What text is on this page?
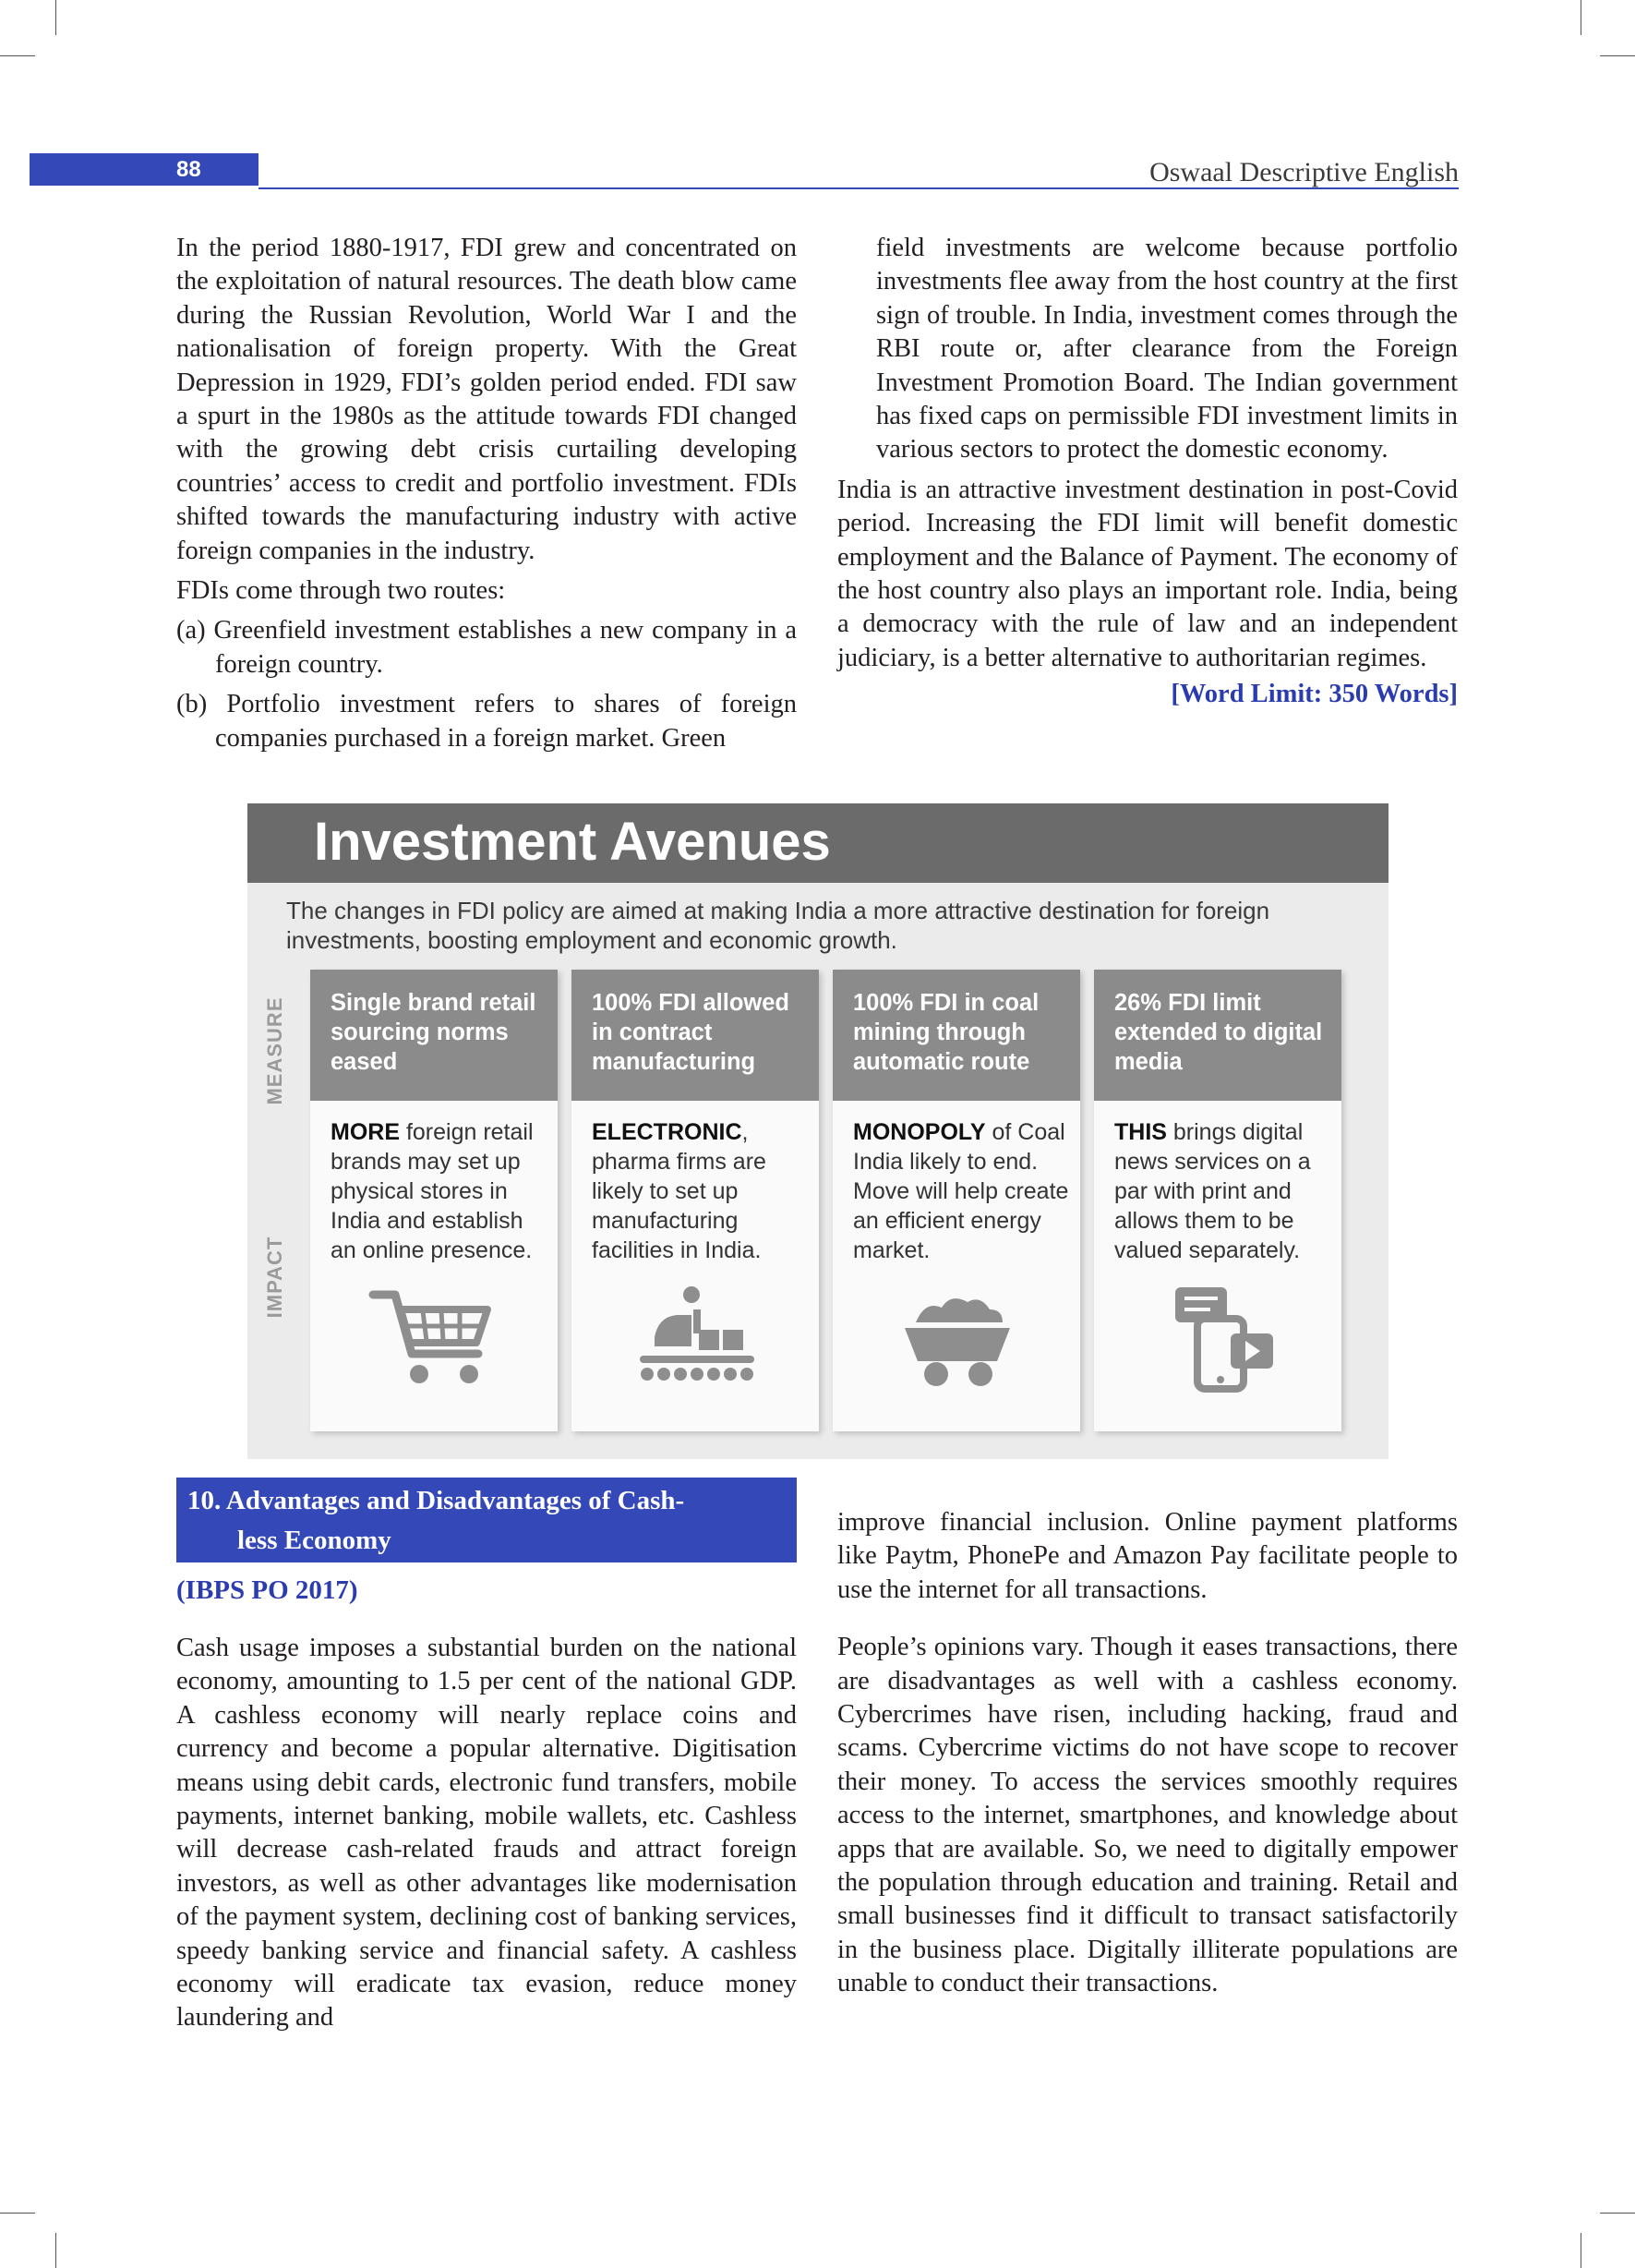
88	Oswaal Descriptive English

In the period 1880-1917, FDI grew and concentrated on the exploitation of natural resources. The death blow came during the Russian Revolution, World War I and the nationalisation of foreign property. With the Great Depression in 1929, FDI’s golden period ended. FDI saw a spurt in the 1980s as the attitude towards FDI changed with the growing debt crisis curtailing developing countries’ access to credit and portfolio investment. FDIs shifted towards the manufacturing industry with active foreign companies in the industry.

FDIs come through two routes:

(a) Greenfield investment establishes a new company in a foreign country.

(b) Portfolio investment refers to shares of foreign companies purchased in a foreign market. Green

field investments are welcome because portfolio investments flee away from the host country at the first sign of trouble. In India, investment comes through the RBI route or, after clearance from the Foreign Investment Promotion Board. The Indian government has fixed caps on permissible FDI investment limits in various sectors to protect the domestic economy.

India is an attractive investment destination in post-Covid period. Increasing the FDI limit will benefit domestic employment and the Balance of Payment. The economy of the host country also plays an important role. India, being a democracy with the rule of law and an independent judiciary, is a better alternative to authoritarian regimes.

[Word Limit: 350 Words]

Investment Avenues
The changes in FDI policy are aimed at making India a more attractive destination for foreign investments, boosting employment and economic growth.
MEASURE
IMPACT
Single brand retail sourcing norms eased
MORE foreign retail brands may set up physical stores in India and establish an online presence.
100% FDI allowed in contract manufacturing
ELECTRONIC, pharma firms are likely to set up manufacturing facilities in India.
100% FDI in coal mining through automatic route
MONOPOLY of Coal India likely to end. Move will help create an efficient energy market.
26% FDI limit extended to digital media
THIS brings digital news services on a par with print and allows them to be valued separately.
10. Advantages and Disadvantages of Cash-
less Economy
(IBPS PO 2017)

Cash usage imposes a substantial burden on the national economy, amounting to 1.5 per cent of the national GDP. A cashless economy will nearly replace coins and currency and become a popular alternative. Digitisation means using debit cards, electronic fund transfers, mobile payments, internet banking, mobile wallets, etc. Cashless will decrease cash-related frauds and attract foreign investors, as well as other advantages like modernisation of the payment system, declining cost of banking services, speedy banking service and financial safety. A cashless economy will eradicate tax evasion, reduce money laundering and

improve financial inclusion. Online payment platforms like Paytm, PhonePe and Amazon Pay facilitate people to use the internet for all transactions.

People’s opinions vary. Though it eases transactions, there are disadvantages as well with a cashless economy. Cybercrimes have risen, including hacking, fraud and scams. Cybercrime victims do not have scope to recover their money. To access the services smoothly requires access to the internet, smartphones, and knowledge about apps that are available. So, we need to digitally empower the population through education and training. Retail and small businesses find it difficult to transact satisfactorily in the business place. Digitally illiterate populations are unable to conduct their transactions.
